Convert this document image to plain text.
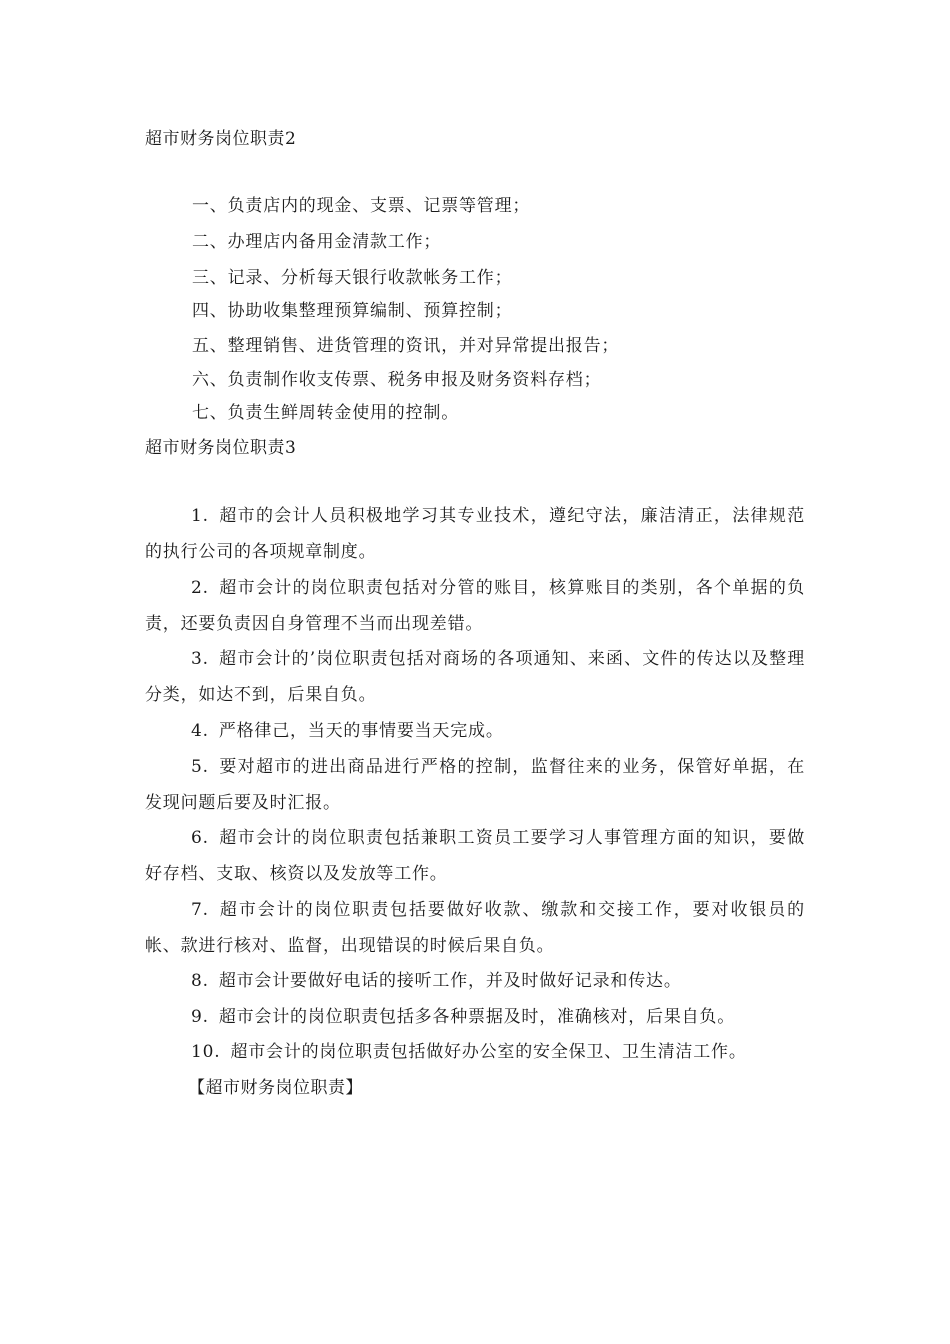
超市财务岗位职责2
一、负责店内的现金、支票、记票等管理；
二、办理店内备用金清款工作；
三、记录、分析每天银行收款帐务工作；
四、协助收集整理预算编制、预算控制；
五、整理销售、进货管理的资讯，并对异常提出报告；
六、负责制作收支传票、税务申报及财务资料存档；
七、负责生鲜周转金使用的控制。
超市财务岗位职责3

1. 超市的会计人员积极地学习其专业技术，遵纪守法，廉洁清正，法律规范的执行公司的各项规章制度。

2. 超市会计的岗位职责包括对分管的账目，核算账目的类别，各个单据的负责，还要负责因自身管理不当而出现差错。

3. 超市会计的’岗位职责包括对商场的各项通知、来函、文件的传达以及整理分类，如达不到，后果自负。

4. 严格律己，当天的事情要当天完成。

5. 要对超市的进出商品进行严格的控制，监督往来的业务，保管好单据，在发现问题后要及时汇报。

6. 超市会计的岗位职责包括兼职工资员工要学习人事管理方面的知识，要做好存档、支取、核资以及发放等工作。

7. 超市会计的岗位职责包括要做好收款、缴款和交接工作，要对收银员的帐、款进行核对、监督，出现错误的时候后果自负。

8. 超市会计要做好电话的接听工作，并及时做好记录和传达。

9. 超市会计的岗位职责包括多各种票据及时，准确核对，后果自负。

10. 超市会计的岗位职责包括做好办公室的安全保卫、卫生清洁工作。

【超市财务岗位职责】
